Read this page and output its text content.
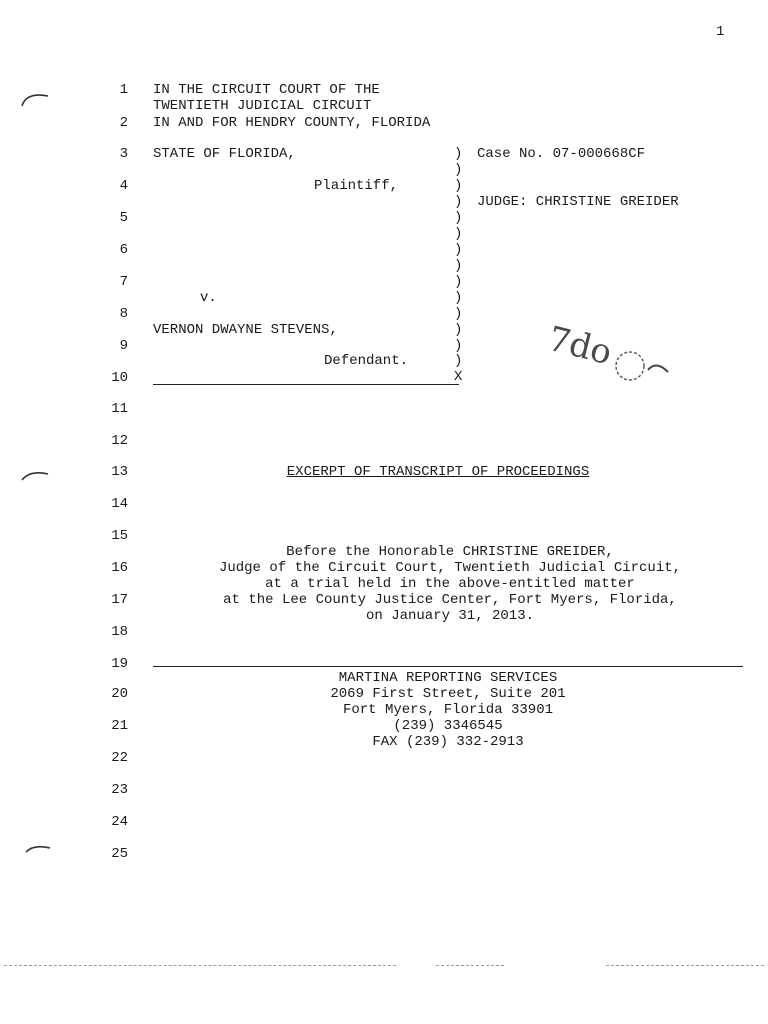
1
1
2
3
4
5
6
7
8
9
10
11
12
13
14
15
16
17
18
19
20
21
22
23
24
25
IN THE CIRCUIT COURT OF THE
TWENTIETH JUDICIAL CIRCUIT
IN AND FOR HENDRY COUNTY, FLORIDA
STATE OF FLORIDA,
Plaintiff,
v.
VERNON DWAYNE STEVENS,
Defendant.
)
)
)
)
)
)
)
)
)
)
)
)
)
)
X
Case No. 07-000668CF
JUDGE: CHRISTINE GREIDER
7do
EXCERPT OF TRANSCRIPT OF PROCEEDINGS
Before the Honorable CHRISTINE GREIDER,
Judge of the Circuit Court, Twentieth Judicial Circuit,
at a trial held in the above-entitled matter
at the Lee County Justice Center, Fort Myers, Florida,
on January 31, 2013.
MARTINA REPORTING SERVICES
2069 First Street, Suite 201
Fort Myers, Florida 33901
(239) 3346545
FAX (239) 332-2913
